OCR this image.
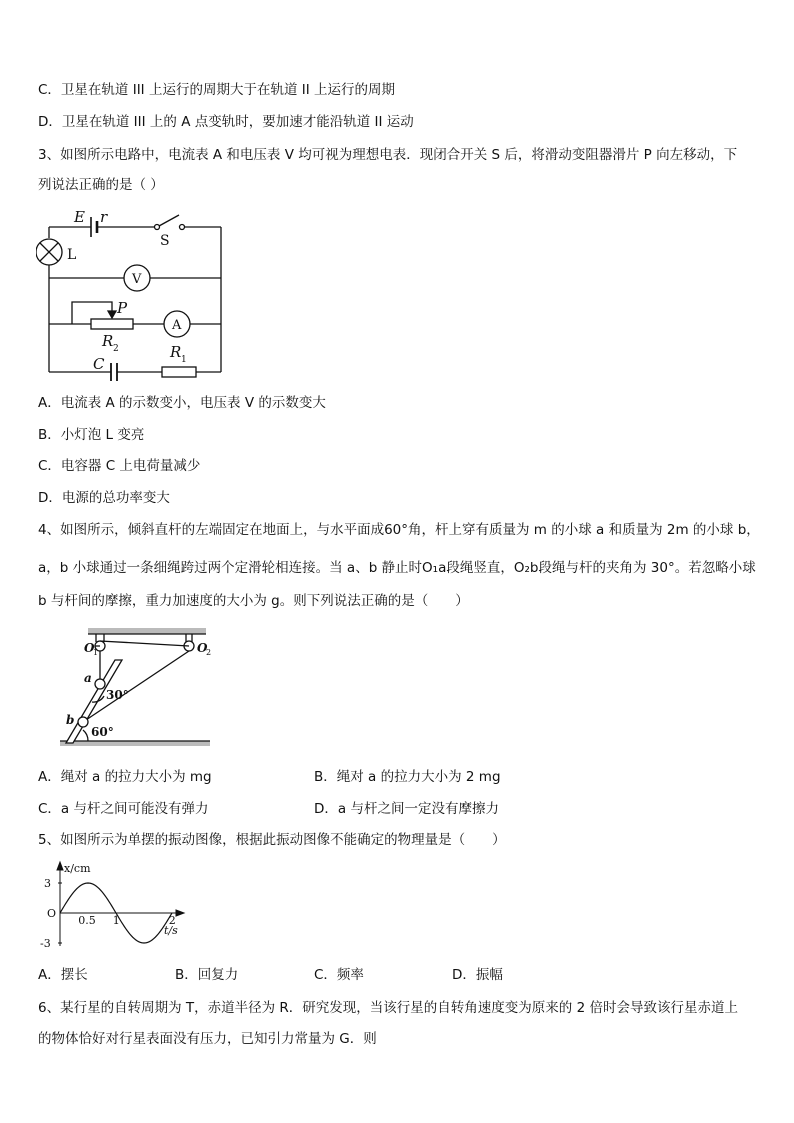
C．卫星在轨道 III 上运行的周期大于在轨道 II 上运行的周期
D．卫星在轨道 III 上的 A 点变轨时，要加速才能沿轨道 II 运动
3、如图所示电路中，电流表 A 和电压表 V 均可视为理想电表．现闭合开关 S 后，将滑动变阻器滑片 P 向左移动，下
列说法正确的是（ ）
E r
S
L
V
A
P
R 2
C
R 1
A．电流表 A 的示数变小，电压表 V 的示数变大
B．小灯泡 L 变亮
C．电容器 C 上电荷量减少
D．电源的总功率变大
4、如图所示，倾斜直杆的左端固定在地面上，与水平面成60°角，杆上穿有质量为 m 的小球 a 和质量为 2m 的小球 b，
a，b 小球通过一条细绳跨过两个定滑轮相连接。当 a、b 静止时O₁a段绳竖直，O₂b段绳与杆的夹角为 30°。若忽略小球
b 与杆间的摩擦，重力加速度的大小为 g。则下列说法正确的是（　　）
O
1	O
2
a
b
30°
60°
A．绳对 a 的拉力大小为 mg	B．绳对 a 的拉力大小为 2 mg
C．a 与杆之间可能没有弹力	D．a 与杆之间一定没有摩擦力
5、如图所示为单摆的振动图像，根据此振动图像不能确定的物理量是（　　）
x/cm
t/s
3
O
-3
0.5 1	2
A．摆长	B．回复力	C．频率	D．振幅
6、某行星的自转周期为 T，赤道半径为 R．研究发现，当该行星的自转角速度变为原来的 2 倍时会导致该行星赤道上
的物体恰好对行星表面没有压力，已知引力常量为 G．则
